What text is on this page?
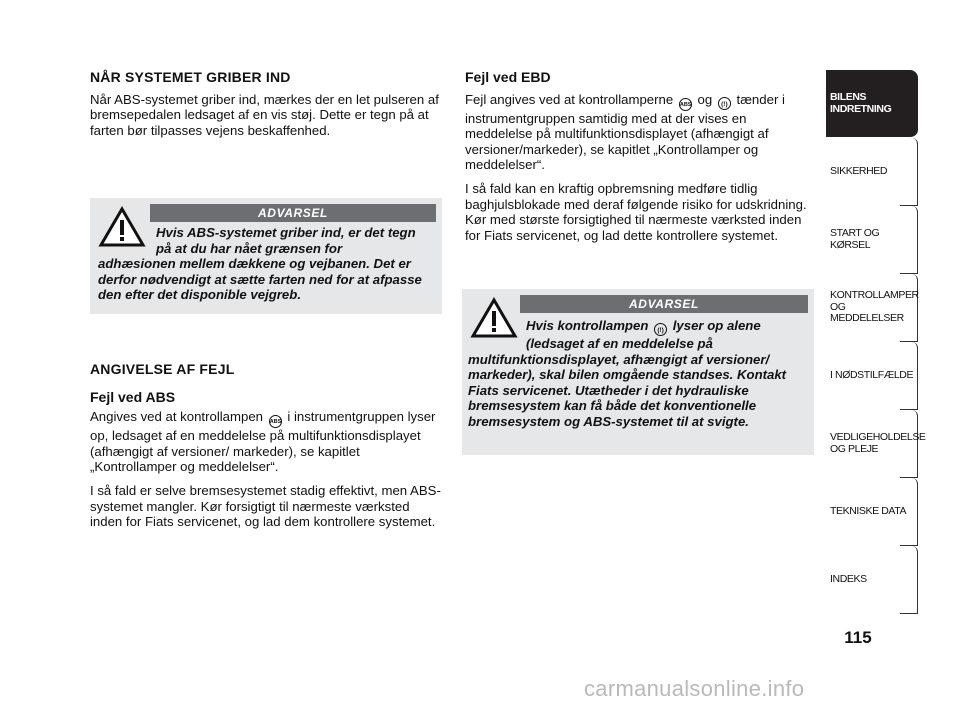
NÅR SYSTEMET GRIBER IND

Når ABS-systemet griber ind, mærkes der en let pulseren af bremsepedalen ledsaget af en vis støj. Dette er tegn på at farten bør tilpasses vejens beskaffenhed.

ADVARSEL
Hvis ABS-systemet griber ind, er det tegn
på at du har nået grænsen for
adhæsionen mellem dækkene og vejbanen. Det er derfor nødvendigt at sætte farten ned for at afpasse den efter det disponible vejgreb.
ANGIVELSE AF FEJL
Fejl ved ABS

Angives ved at kontrollampen ABS i instrumentgruppen lyser op, ledsaget af en meddelelse på multifunktionsdisplayet (afhængigt af versioner/ markeder), se kapitlet „Kontrollamper og meddelelser“.

I så fald er selve bremsesystemet stadig effektivt, men ABS-systemet mangler. Kør forsigtigt til nærmeste værksted inden for Fiats servicenet, og lad dem kontrollere systemet.

Fejl ved EBD

Fejl angives ved at kontrollamperne ABS og (!) tænder i instrumentgruppen samtidig med at der vises en meddelelse på multifunktionsdisplayet (afhængigt af versioner/markeder), se kapitlet „Kontrollamper og meddelelser“.

I så fald kan en kraftig opbremsning medføre tidlig baghjulsblokade med deraf følgende risiko for udskridning. Kør med største forsigtighed til nærmeste værksted inden for Fiats servicenet, og lad dette kontrollere systemet.

ADVARSEL
Hvis kontrollampen (!) lyser op alene
(ledsaget af en meddelelse på
multifunktionsdisplayet, afhængigt af versioner/ markeder), skal bilen omgående standses. Kontakt Fiats servicenet. Utætheder i det hydrauliske bremsesystem kan få både det konventionelle bremsesystem og ABS-systemet til at svigte.
BILENS INDRETNING
SIKKERHED
START OG KØRSEL
KONTROLLAMPER OG MEDDELELSER
I NØDSTILFÆLDE
VEDLIGEHOLDELSE OG PLEJE
TEKNISKE DATA
INDEKS
115
carmanualsonline.info
